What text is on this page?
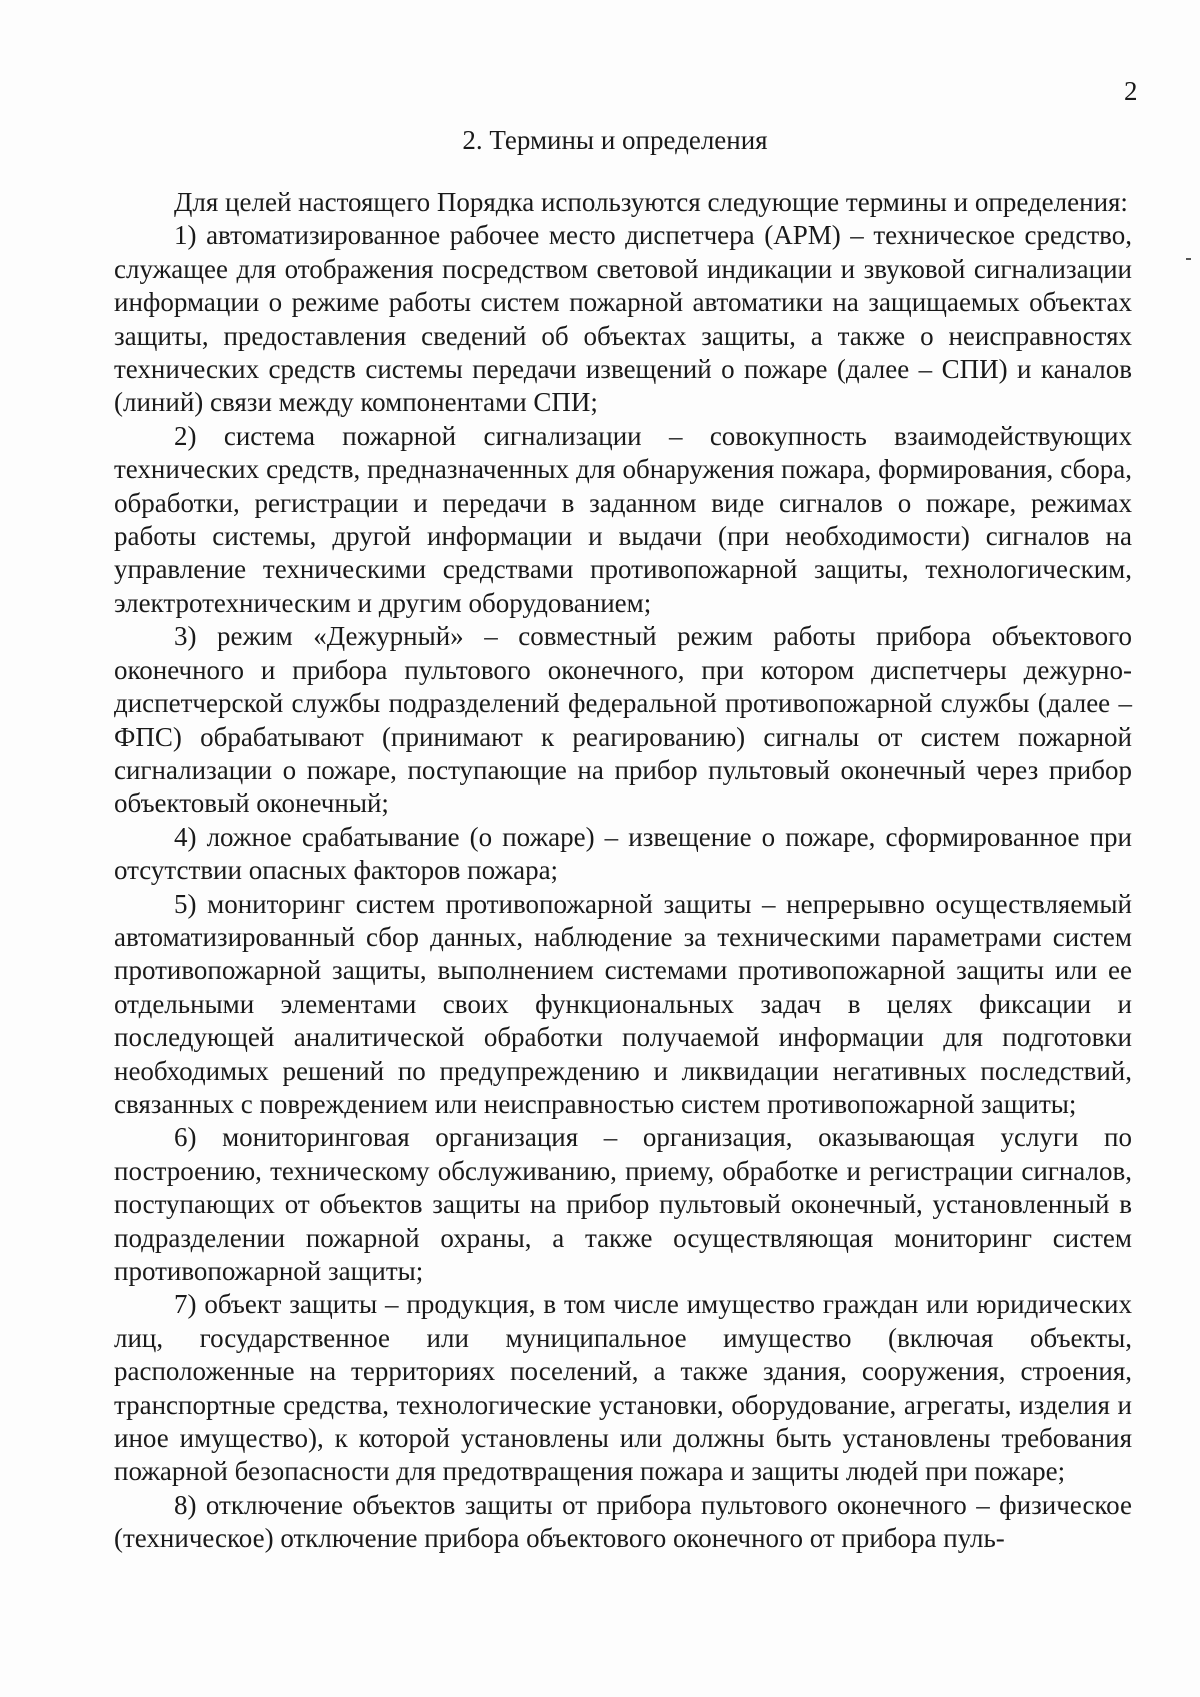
2
2. Термины и определения

Для целей настоящего Порядка используются следующие термины и определения:

1) автоматизированное рабочее место диспетчера (АРМ) – техническое средство, служащее для отображения посредством световой индикации и звуковой сигнализации информации о режиме работы систем пожарной автоматики на защищаемых объектах защиты, предоставления сведений об объектах защиты, а также о неисправностях технических средств системы передачи извещений о пожаре (далее – СПИ) и каналов (линий) связи между компонентами СПИ;

2) система пожарной сигнализации – совокупность взаимодействующих технических средств, предназначенных для обнаружения пожара, формирования, сбора, обработки, регистрации и передачи в заданном виде сигналов о пожаре, режимах работы системы, другой информации и выдачи (при необходимости) сигналов на управление техническими средствами противопожарной защиты, технологическим, электротехническим и другим оборудованием;

3) режим «Дежурный» – совместный режим работы прибора объектового оконечного и прибора пультового оконечного, при котором диспетчеры дежурно-диспетчерской службы подразделений федеральной противопожарной службы (далее – ФПС) обрабатывают (принимают к реагированию) сигналы от систем пожарной сигнализации о пожаре, поступающие на прибор пультовый оконечный через прибор объектовый оконечный;

4) ложное срабатывание (о пожаре) – извещение о пожаре, сформированное при отсутствии опасных факторов пожара;

5) мониторинг систем противопожарной защиты – непрерывно осуществляемый автоматизированный сбор данных, наблюдение за техническими параметрами систем противопожарной защиты, выполнением системами противопожарной защиты или ее отдельными элементами своих функциональных задач в целях фиксации и последующей аналитической обработки получаемой информации для подготовки необходимых решений по предупреждению и ликвидации негативных последствий, связанных с повреждением или неисправностью систем противопожарной защиты;

6) мониторинговая организация – организация, оказывающая услуги по построению, техническому обслуживанию, приему, обработке и регистрации сигналов, поступающих от объектов защиты на прибор пультовый оконечный, установленный в подразделении пожарной охраны, а также осуществляющая мониторинг систем противопожарной защиты;

7) объект защиты – продукция, в том числе имущество граждан или юридических лиц, государственное или муниципальное имущество (включая объекты, расположенные на территориях поселений, а также здания, сооружения, строения, транспортные средства, технологические установки, оборудование, агрегаты, изделия и иное имущество), к которой установлены или должны быть установлены требования пожарной безопасности для предотвращения пожара и защиты людей при пожаре;

8) отключение объектов защиты от прибора пультового оконечного – физическое (техническое) отключение прибора объектового оконечного от прибора пуль-
